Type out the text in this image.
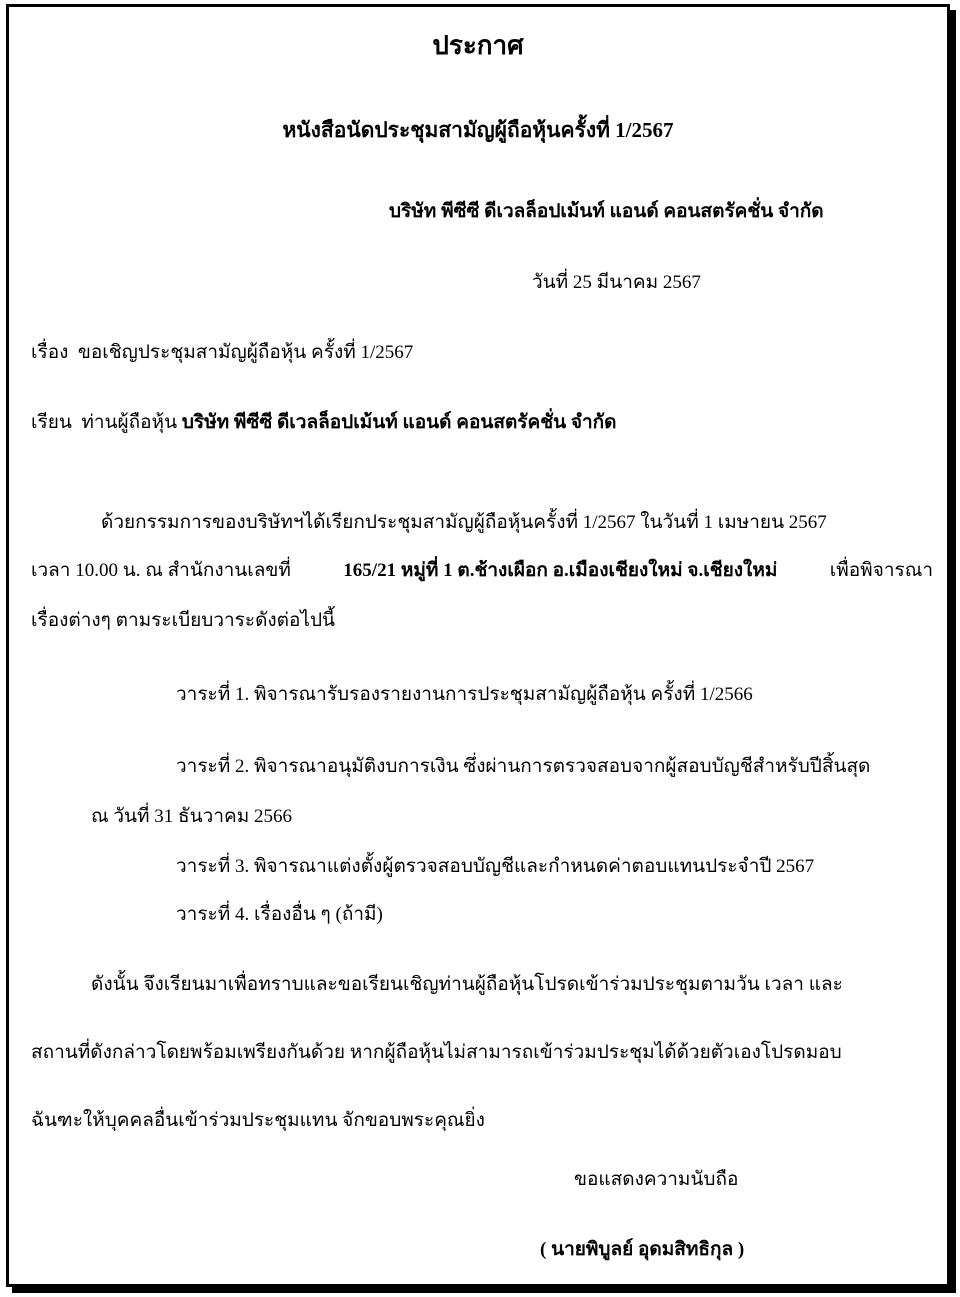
ประกาศ
หนังสือนัดประชุมสามัญผู้ถือหุ้นครั้งที่ 1/2567
บริษัท พีซีซี ดีเวลล็อปเม้นท์ แอนด์ คอนสตรัคชั่น จำกัด
วันที่ 25 มีนาคม 2567
เรื่อง ขอเชิญประชุมสามัญผู้ถือหุ้น ครั้งที่ 1/2567
เรียน ท่านผู้ถือหุ้น บริษัท พีซีซี ดีเวลล็อปเม้นท์ แอนด์ คอนสตรัคชั่น จำกัด
ด้วยกรรมการของบริษัทฯได้เรียกประชุมสามัญผู้ถือหุ้นครั้งที่ 1/2567 ในวันที่ 1 เมษายน 2567
เวลา 10.00 น. ณ สำนักงานเลขที่	165/21 หมู่ที่ 1 ต.ช้างเผือก อ.เมืองเชียงใหม่ จ.เชียงใหม่	เพื่อพิจารณา
เรื่องต่างๆ ตามระเบียบวาระดังต่อไปนี้
วาระที่ 1. พิจารณารับรองรายงานการประชุมสามัญผู้ถือหุ้น ครั้งที่ 1/2566
วาระที่ 2. พิจารณาอนุมัติงบการเงิน ซึ่งผ่านการตรวจสอบจากผู้สอบบัญชีสำหรับปีสิ้นสุด
ณ วันที่ 31 ธันวาคม 2566
วาระที่ 3. พิจารณาแต่งตั้งผู้ตรวจสอบบัญชีและกำหนดค่าตอบแทนประจำปี 2567
วาระที่ 4. เรื่องอื่น ๆ (ถ้ามี)
ดังนั้น จึงเรียนมาเพื่อทราบและขอเรียนเชิญท่านผู้ถือหุ้นโปรดเข้าร่วมประชุมตามวัน เวลา และ
สถานที่ดังกล่าวโดยพร้อมเพรียงกันด้วย หากผู้ถือหุ้นไม่สามารถเข้าร่วมประชุมได้ด้วยตัวเองโปรดมอบ
ฉันฑะให้บุคคลอื่นเข้าร่วมประชุมแทน จักขอบพระคุณยิ่ง
ขอแสดงความนับถือ
( นายพิบูลย์ อุดมสิทธิกุล )
